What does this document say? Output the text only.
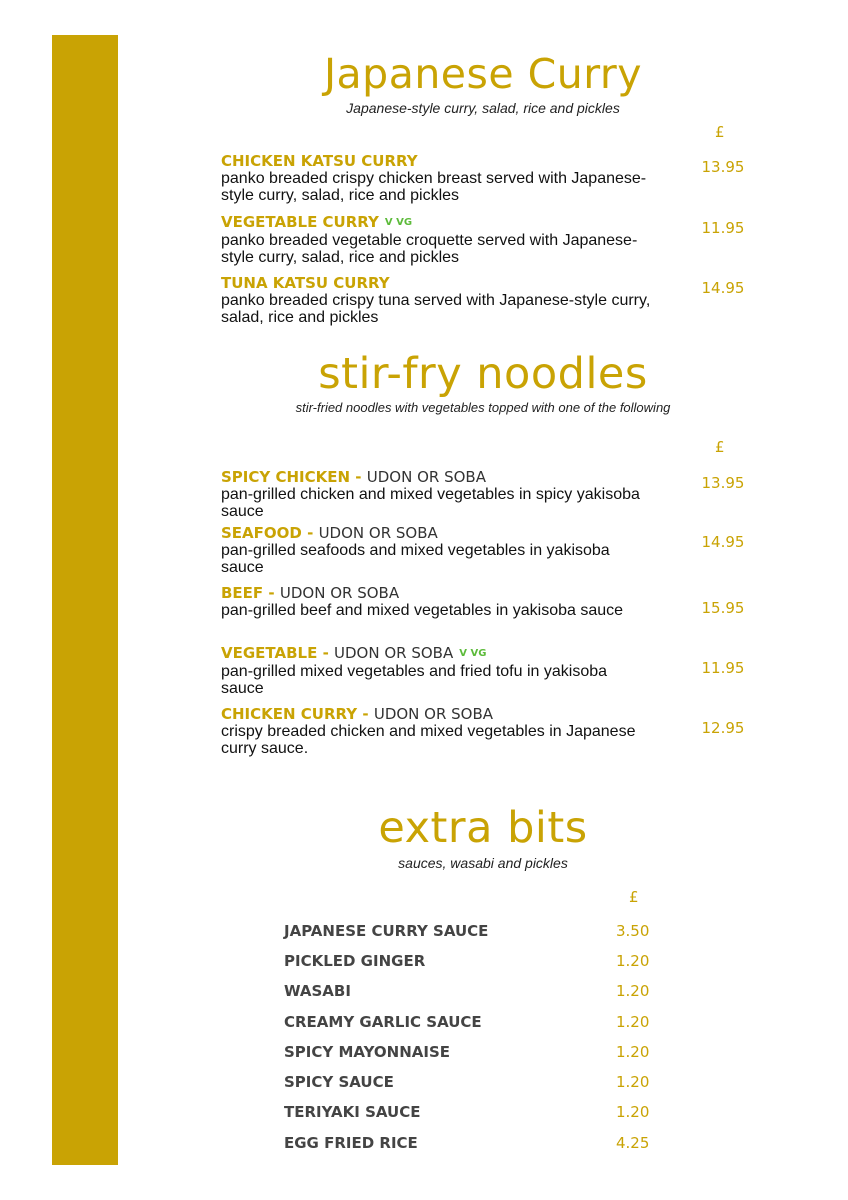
Japanese Curry

Japanese-style curry, salad, rice and pickles

£
CHICKEN KATSU CURRY
panko breaded crispy chicken breast served with Japanese-style curry, salad, rice and pickles
13.95
VEGETABLE CURRY V VG
panko breaded vegetable croquette served with Japanese-style curry, salad, rice and pickles
11.95
TUNA KATSU CURRY
panko breaded crispy tuna served with Japanese-style curry, salad, rice and pickles
14.95
stir-fry noodles

stir-fried noodles with vegetables topped with one of the following

£
SPICY CHICKEN - UDON OR SOBA
pan-grilled chicken and mixed vegetables in spicy yakisoba sauce
13.95
SEAFOOD - UDON OR SOBA
pan-grilled seafoods and mixed vegetables in yakisoba sauce
14.95
BEEF - UDON OR SOBA
pan-grilled beef and mixed vegetables in yakisoba sauce	15.95
VEGETABLE - UDON OR SOBA V VG
pan-grilled mixed vegetables and fried tofu in yakisoba sauce
11.95
CHICKEN CURRY - UDON OR SOBA
crispy breaded chicken and mixed vegetables in Japanese curry sauce.
12.95
extra bits

sauces, wasabi and pickles

£
JAPANESE CURRY SAUCE	3.50
PICKLED GINGER	1.20
WASABI	1.20
CREAMY GARLIC SAUCE	1.20
SPICY MAYONNAISE	1.20
SPICY SAUCE	1.20
TERIYAKI SAUCE	1.20
EGG FRIED RICE	4.25
